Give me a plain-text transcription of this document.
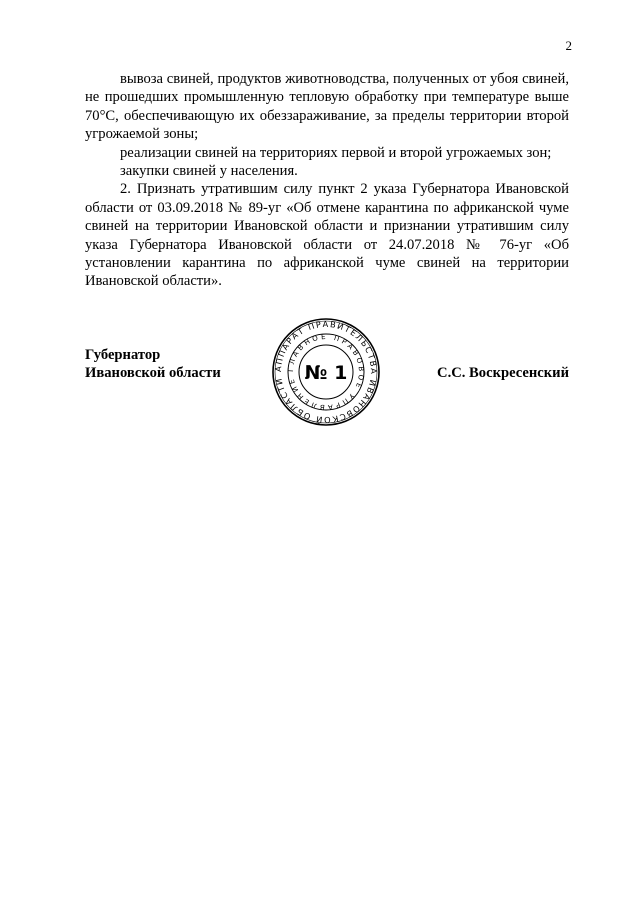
2

вывоза свиней, продуктов животноводства, полученных от убоя свиней, не прошедших промышленную тепловую обработку при температуре выше 70°С, обеспечивающую их обеззараживание, за пределы территории второй угрожаемой зоны;

реализации свиней на территориях первой и второй угрожаемых зон;

закупки свиней у населения.

2. Признать утратившим силу пункт 2 указа Губернатора Ивановской области от 03.09.2018 № 89-уг «Об отмене карантина по африканской чуме свиней на территории Ивановской области и признании утратившим силу указа Губернатора Ивановской области от 24.07.2018 № 76-уг «Об установлении карантина по африканской чуме свиней на территории Ивановской области».

Губернатор
Ивановской области	С.С. Воскресенский
АППАРАТ ПРАВИТЕЛЬСТВА ИВАНОВСКОЙ ОБЛАСТИ
ГЛАВНОЕ ПРАВОВОЕ УПРАВЛЕНИЕ № 1
